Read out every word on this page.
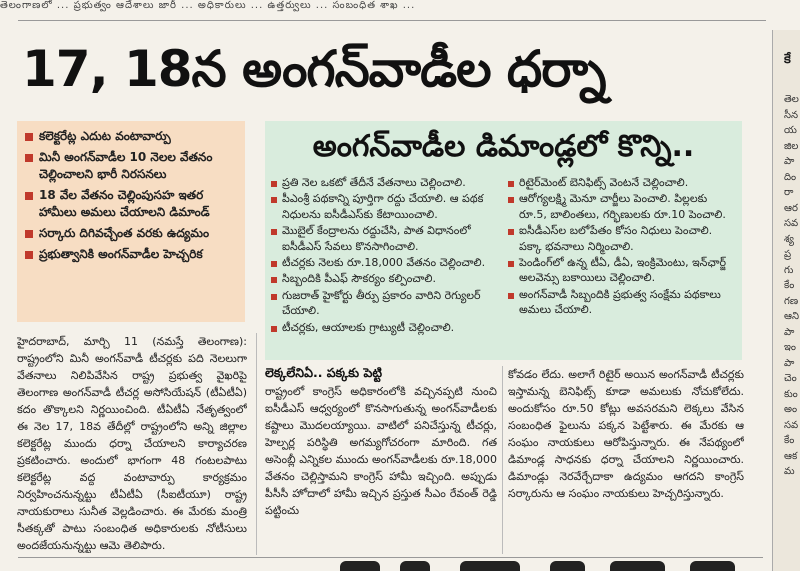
తెలంగాణలో ... ప్రభుత్వం ఆదేశాలు జారీ ... అధికారులు ... ఉత్తర్వులు ... సంబంధిత శాఖ ...
17, 18న అంగన్‌వాడీల ధర్నా
కలెక్టరేట్ల ఎదుట వంటావార్పు
మినీ అంగన్‌వాడీల 10 నెలల వేతనం చెల్లించాలని భారీ నిరసనలు
18 వేల వేతనం చెల్లింపుసహ ఇతర హామీలు అమలు చేయాలని డిమాండ్
సర్కారు దిగివచ్చేంత వరకు ఉద్యమం
ప్రభుత్వానికి అంగన్‌వాడీల హెచ్చరిక
అంగన్‌వాడీల డిమాండ్లలో కొన్ని..
ప్రతి నెల ఒకటో తేదీనే వేతనాలు చెల్లించాలి.
పీఎంశ్రీ పథకాన్ని పూర్తిగా రద్దు చేయాలి. ఆ పథక నిధులను ఐసీడీఎస్‌కు కేటాయించాలి.
మొబైల్ కేంద్రాలను రద్దుచేసి, పాత విధానంలో ఐసీడీఎస్ సేవలు కొనసాగించాలి.
టీచర్లకు నెలకు రూ.18,000 వేతనం చెల్లించాలి.
సిబ్బందికి పీఎఫ్ సౌకర్యం కల్పించాలి.
గుజరాత్ హైకోర్టు తీర్పు ప్రకారం వారిని రెగ్యులర్ చేయాలి.
టీచర్లకు, ఆయాలకు గ్రాట్యుటీ చెల్లించాలి.
రిటైర్‌మెంట్ బెనిఫిట్స్ వెంటనే చెల్లించాలి.
ఆరోగ్యలక్ష్మి మెనూ చార్జీలు పెంచాలి. పిల్లలకు రూ.5, బాలింతలు, గర్భిణులకు రూ.10 పెంచాలి.
ఐసీడీఎస్‌ల బలోపేతం కోసం నిధులు పెంచాలి. పక్కా భవనాలు నిర్మించాలి.
పెండింగ్‌లో ఉన్న టీఏ, డీఏ, ఇంక్రిమెంటు, ఇన్‌ఛార్జ్ అలవెన్సు బకాయిలు చెల్లించాలి.
అంగన్‌వాడీ సిబ్బందికి ప్రభుత్వ సంక్షేమ పథకాలు అమలు చేయాలి.
హైదరాబాద్, మార్చి 11 (నమస్తే తెలంగాణ): రాష్ట్రంలోని మినీ అంగన్‌వాడీ టీచర్లకు పది నెలలుగా వేతనాలు నిలిపివేసిన రాష్ట్ర ప్రభుత్వ వైఖరిపై తెలంగాణ అంగన్‌వాడీ టీచర్ల అసోసియేషన్ (టీఏటీఏ) కదం తొక్కాలని నిర్ణయించింది. టీఏటీఏ నేతృత్వంలో ఈ నెల 17, 18వ తేదీల్లో రాష్ట్రంలోని అన్ని జిల్లాల కలెక్టరేట్ల ముందు ధర్నా చేయాలని కార్యాచరణ ప్రకటించారు. అందులో భాగంగా 48 గంటలపాటు కలెక్టరేట్ల వద్ద వంటావార్పు కార్యక్రమం నిర్వహించనున్నట్టు టీఏటీఏ (సీఐటీయూ) రాష్ట్ర నాయకురాలు సునీత వెల్లడించారు. ఈ మేరకు మంత్రి సీతక్కతో పాటు సంబంధిత అధికారులకు నోటీసులు అందజేయనున్నట్టు ఆమె తెలిపారు.
లెక్కలేనిఏ.. పక్కకు పెట్టి
రాష్ట్రంలో కాంగ్రెస్ అధికారంలోకి వచ్చినప్పటి నుంచి ఐసీడీఎస్ ఆధ్వర్యంలో కొనసాగుతున్న అంగన్‌వాడీలకు కష్టాలు మొదలయ్యాయి. వాటిలో పనిచేస్తున్న టీచర్లు, హెల్పర్ల పరిస్థితి అగమ్యగోచరంగా మారింది. గత అసెంబ్లీ ఎన్నికల ముందు అంగన్‌వాడీలకు రూ.18,000 వేతనం చెల్లిస్తామని కాంగ్రెస్ హామీ ఇచ్చింది. అప్పుడు పీసీసీ హోదాలో హామీ ఇచ్చిన ప్రస్తుత సీఎం రేవంత్ రెడ్డి పట్టించు
కోవడం లేదు. అలాగే రిటైర్ అయిన అంగన్‌వాడీ టీచర్లకు ఇస్తామన్న బెనిఫిట్స్ కూడా అమలుకు నోచుకోలేదు. అందుకోసం రూ.50 కోట్లు అవసరమని లెక్కలు వేసిన సంబంధిత ఫైలును పక్కన పెట్టేశారు. ఈ మేరకు ఆ సంఘం నాయకులు ఆరోపిస్తున్నారు. ఈ నేపథ్యంలో డిమాండ్ల సాధనకు ధర్నా చేయాలని నిర్ణయించారు. డిమాండ్లు నెరవేర్చేదాకా ఉద్యమం ఆగదని కాంగ్రెస్ సర్కారును ఆ సంఘం నాయకులు హెచ్చరిస్తున్నారు.
కే
తెల
సీన
య
జిల
పా
దిం
రా
ఆర
సవ
శ్య
ప్ర
గు
కేం
గణ
ఆని
పా
ఇం
పా
చెం
కుం
అం
సవ
కేం
ఆక
మ
